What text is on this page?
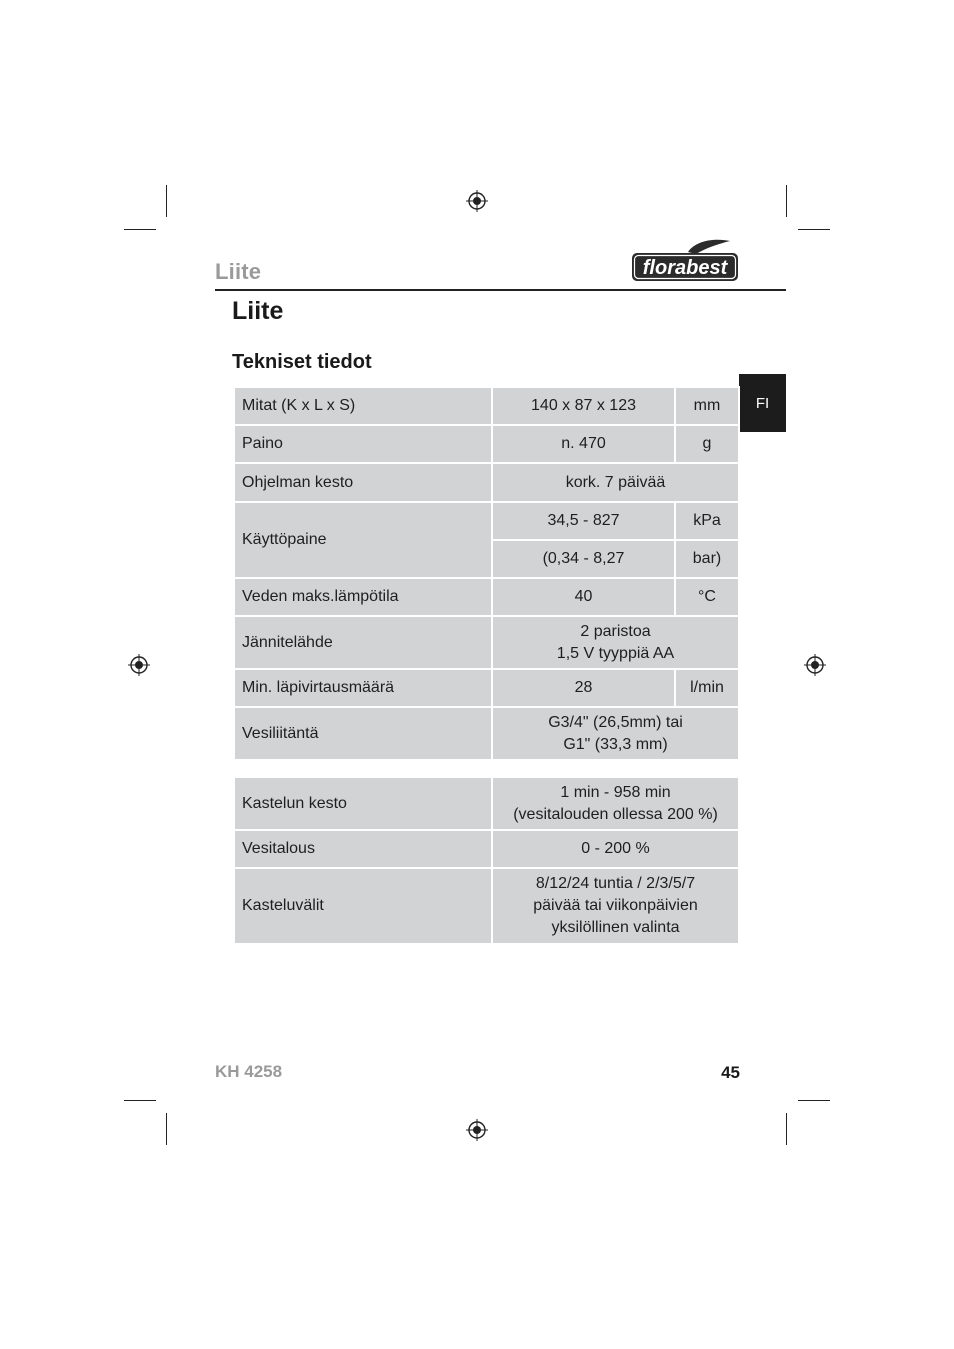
Liite	florabest
Liite
Tekniset tiedot
FI
Mitat (K x L x S)	140 x 87 x 123	mm
Paino	n. 470	g
Ohjelman kesto	kork. 7 päivää	
Käyttöpaine	34,5 - 827	kPa
	(0,34 - 8,27	bar)
Veden maks.lämpötila	40	°C
Jännitelähde	2 paristoa
1,5 V tyyppiä AA	

Min. läpivirtausmäärä	28	l/min
Vesiliitäntä	G3/4" (26,5mm) tai
G1" (33,3 mm)	
Kastelun kesto	1 min - 958 min
(vesitalouden ollessa 200 %)

Vesitalous	0 - 200 %
Kasteluvälit	8/12/24 tuntia / 2/3/5/7
päivää tai viikonpäivien
yksilöllinen valinta
KH 4258	45
